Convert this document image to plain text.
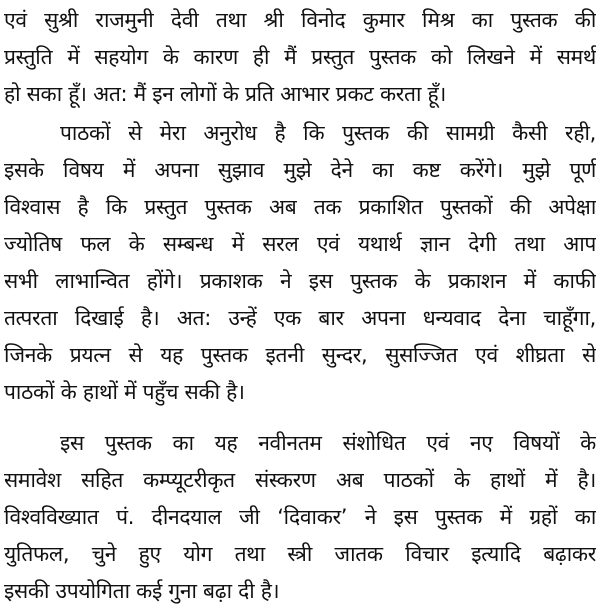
एवं सुश्री राजमुनी देवी तथा श्री विनोद कुमार मिश्र का पुस्तक की
प्रस्तुति में सहयोग के कारण ही मैं प्रस्तुत पुस्तक को लिखने में समर्थ
हो सका हूँ। अत: मैं इन लोगों के प्रति आभार प्रकट करता हूँ।
पाठकों से मेरा अनुरोध है कि पुस्तक की सामग्री कैसी रही,
इसके विषय में अपना सुझाव मुझे देने का कष्ट करेंगे। मुझे पूर्ण
विश्वास है कि प्रस्तुत पुस्तक अब तक प्रकाशित पुस्तकों की अपेक्षा
ज्योतिष फल के सम्बन्ध में सरल एवं यथार्थ ज्ञान देगी तथा आप
सभी लाभान्वित होंगे। प्रकाशक ने इस पुस्तक के प्रकाशन में काफी
तत्परता दिखाई है। अत: उन्हें एक बार अपना धन्यवाद देना चाहूँगा,
जिनके प्रयत्न से यह पुस्तक इतनी सुन्दर, सुसज्जित एवं शीघ्रता से
पाठकों के हाथों में पहुँच सकी है।
इस पुस्तक का यह नवीनतम संशोधित एवं नए विषयों के
समावेश सहित कम्प्यूटरीकृत संस्करण अब पाठकों के हाथों में है।
विश्वविख्यात पं. दीनदयाल जी ‘दिवाकर’ ने इस पुस्तक में ग्रहों का
युतिफल, चुने हुए योग तथा स्त्री जातक विचार इत्यादि बढ़ाकर
इसकी उपयोगिता कई गुना बढ़ा दी है।
